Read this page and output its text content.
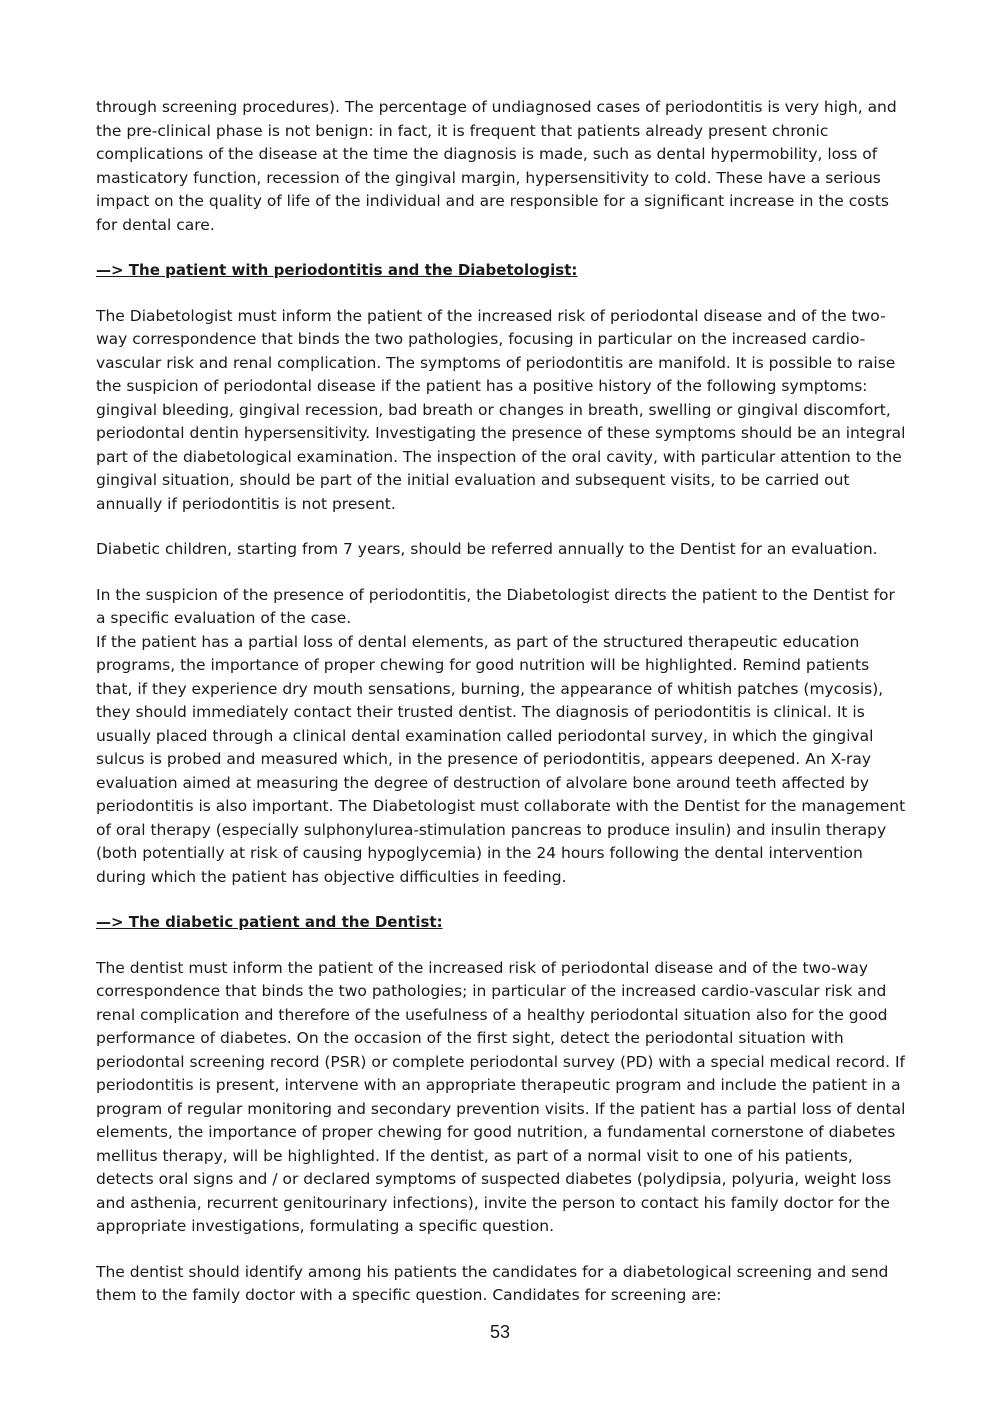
through screening procedures). The percentage of undiagnosed cases of periodontitis is very high, and the pre-clinical phase is not benign: in fact, it is frequent that patients already present chronic complications of the disease at the time the diagnosis is made, such as dental hypermobility, loss of masticatory function, recession of the gingival margin, hypersensitivity to cold. These have a serious impact on the quality of life of the individual and are responsible for a significant increase in the costs for dental care.

—> The patient with periodontitis and the Diabetologist:

The Diabetologist must inform the patient of the increased risk of periodontal disease and of the two-way correspondence that binds the two pathologies, focusing in particular on the increased cardio-vascular risk and renal complication. The symptoms of periodontitis are manifold. It is possible to raise the suspicion of periodontal disease if the patient has a positive history of the following symptoms: gingival bleeding, gingival recession, bad breath or changes in breath, swelling or gingival discomfort, periodontal dentin hypersensitivity. Investigating the presence of these symptoms should be an integral part of the diabetological examination. The inspection of the oral cavity, with particular attention to the gingival situation, should be part of the initial evaluation and subsequent visits, to be carried out annually if periodontitis is not present.

Diabetic children, starting from 7 years, should be referred annually to the Dentist for an evaluation.

In the suspicion of the presence of periodontitis, the Diabetologist directs the patient to the Dentist for a specific evaluation of the case.

If the patient has a partial loss of dental elements, as part of the structured therapeutic education programs, the importance of proper chewing for good nutrition will be highlighted. Remind patients that, if they experience dry mouth sensations, burning, the appearance of whitish patches (mycosis), they should immediately contact their trusted dentist. The diagnosis of periodontitis is clinical. It is usually placed through a clinical dental examination called periodontal survey, in which the gingival sulcus is probed and measured which, in the presence of periodontitis, appears deepened. An X-ray evaluation aimed at measuring the degree of destruction of alvolare bone around teeth affected by periodontitis is also important. The Diabetologist must collaborate with the Dentist for the management of oral therapy (especially sulphonylurea-stimulation pancreas to produce insulin) and insulin therapy (both potentially at risk of causing hypoglycemia) in the 24 hours following the dental intervention during which the patient has objective difficulties in feeding.

—> The diabetic patient and the Dentist:

The dentist must inform the patient of the increased risk of periodontal disease and of the two-way correspondence that binds the two pathologies; in particular of the increased cardio-vascular risk and renal complication and therefore of the usefulness of a healthy periodontal situation also for the good performance of diabetes. On the occasion of the first sight, detect the periodontal situation with periodontal screening record (PSR) or complete periodontal survey (PD) with a special medical record. If periodontitis is present, intervene with an appropriate therapeutic program and include the patient in a program of regular monitoring and secondary prevention visits. If the patient has a partial loss of dental elements, the importance of proper chewing for good nutrition, a fundamental cornerstone of diabetes mellitus therapy, will be highlighted. If the dentist, as part of a normal visit to one of his patients, detects oral signs and / or declared symptoms of suspected diabetes (polydipsia, polyuria, weight loss and asthenia, recurrent genitourinary infections), invite the person to contact his family doctor for the appropriate investigations, formulating a specific question.

The dentist should identify among his patients the candidates for a diabetological screening and send them to the family doctor with a specific question. Candidates for screening are:

53
